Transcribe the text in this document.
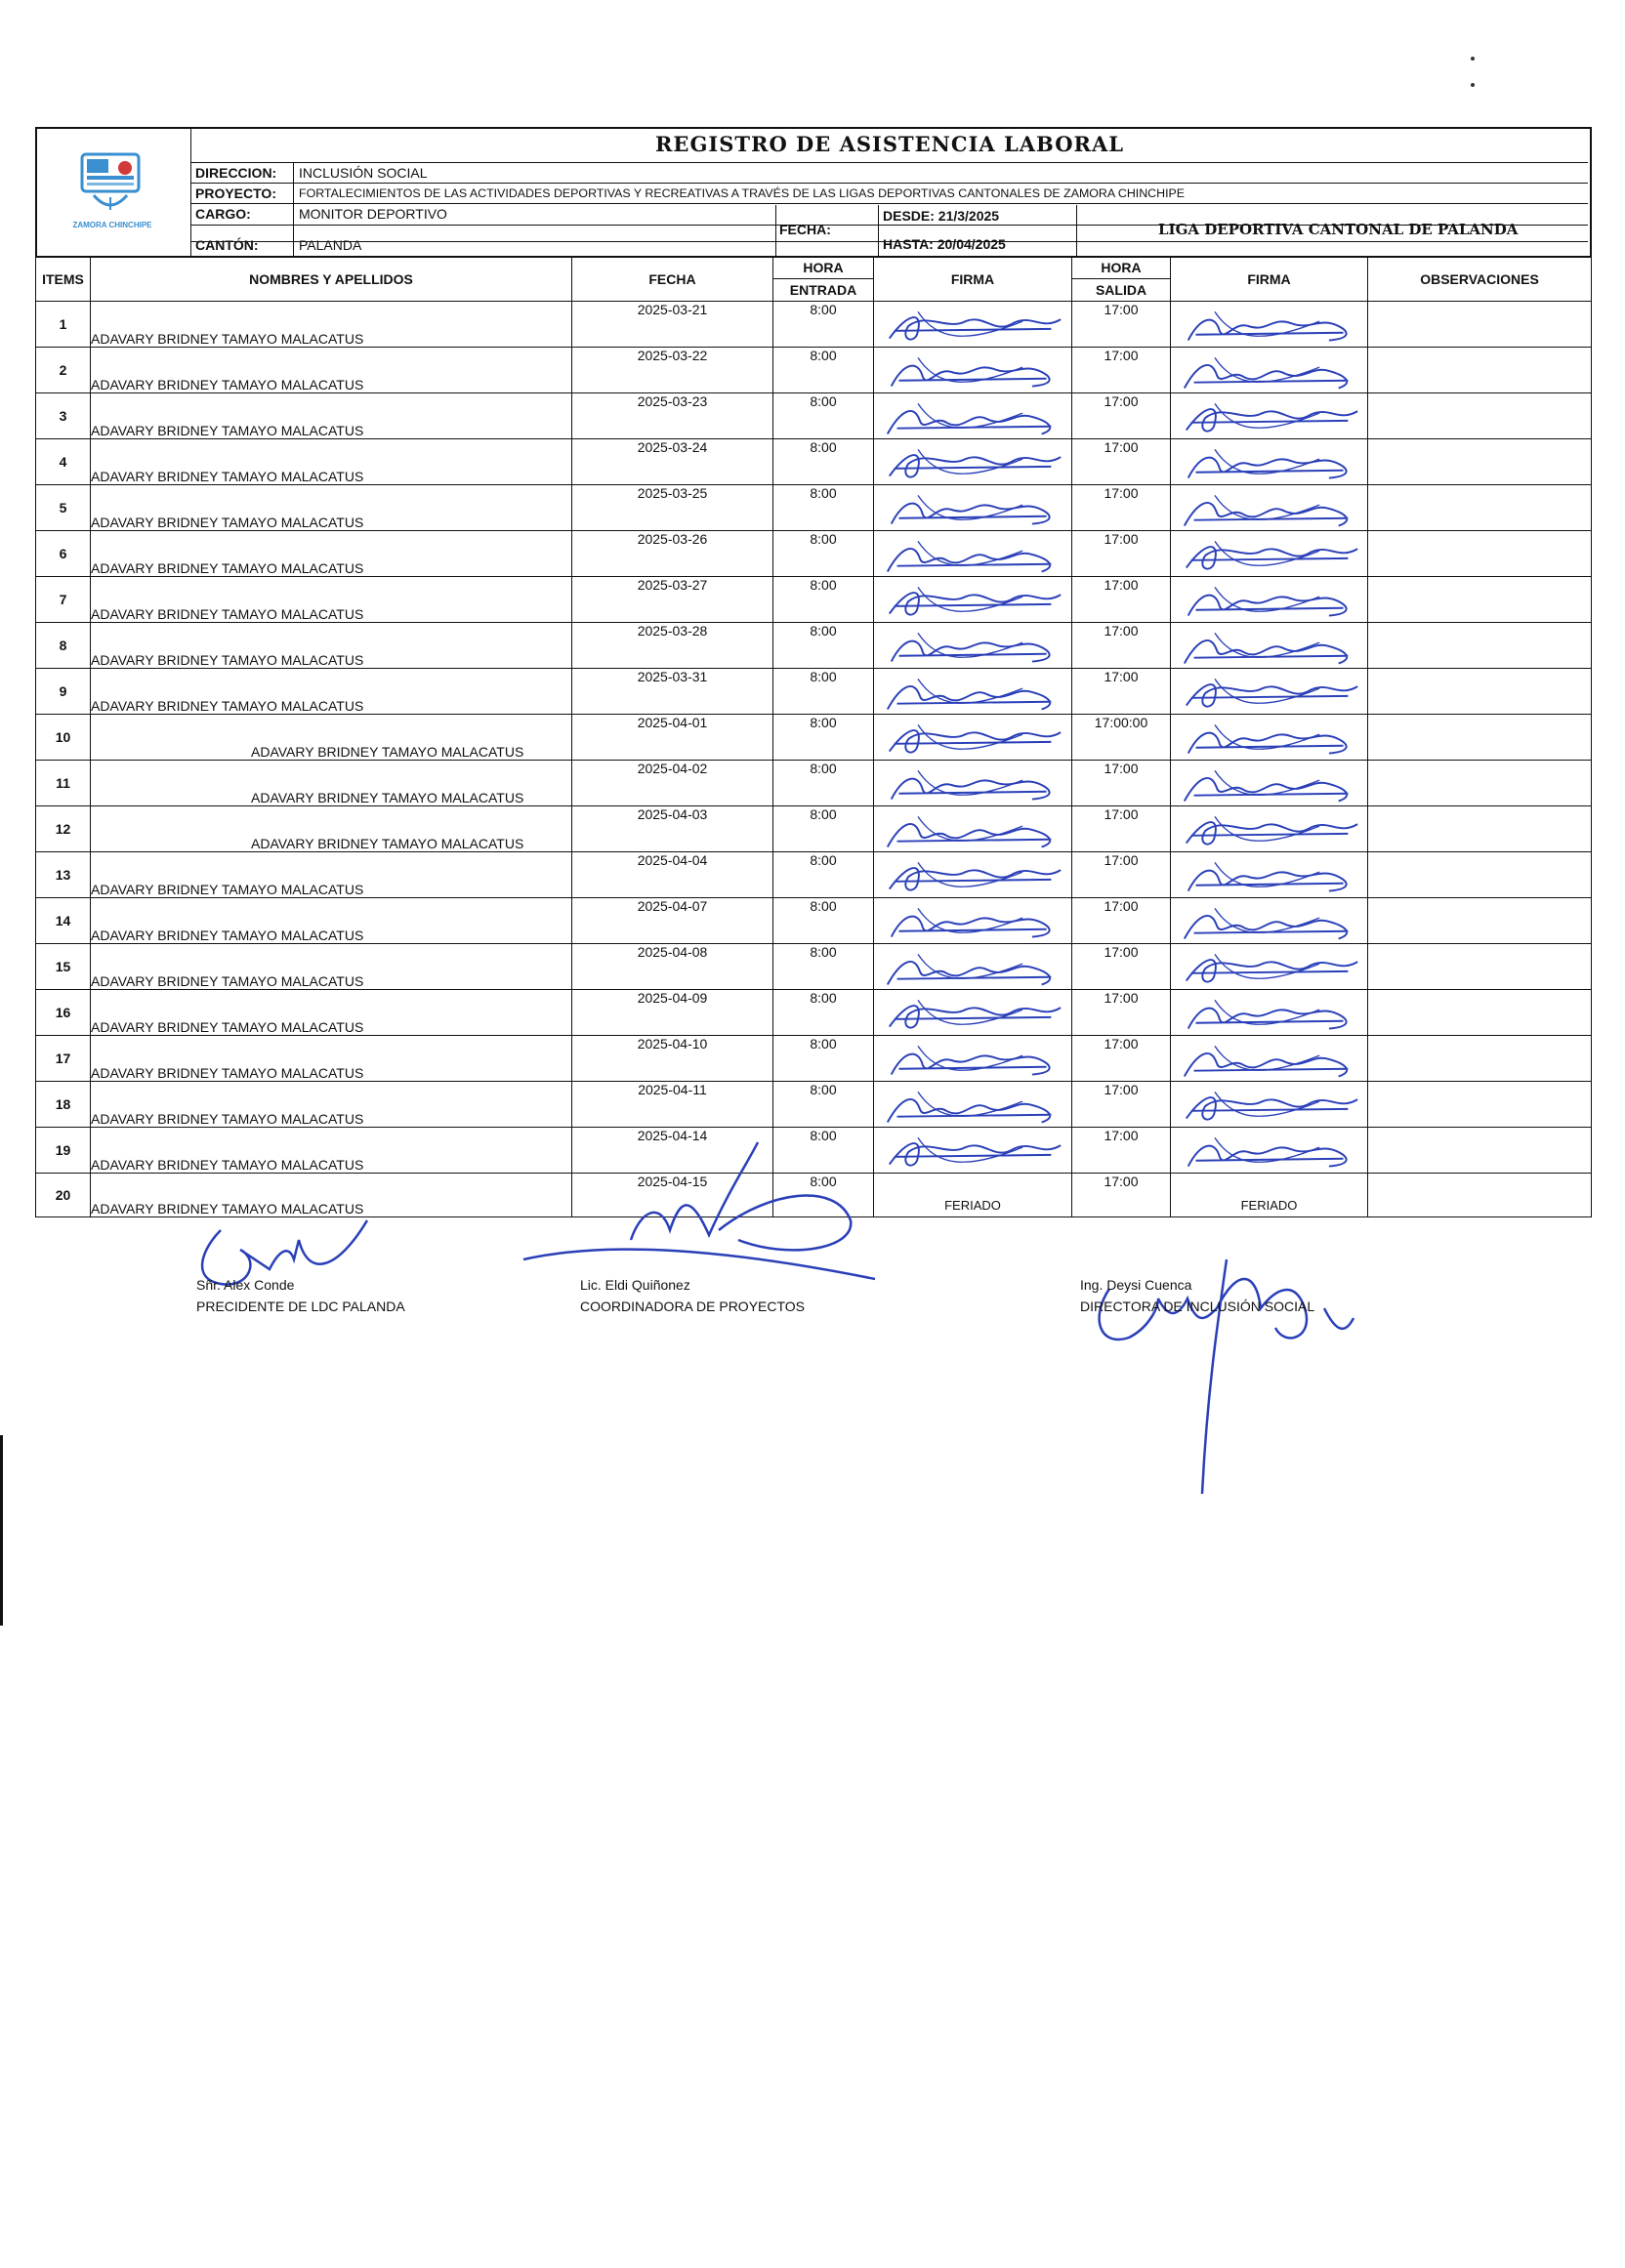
ZAMORA CHINCHIPE
REGISTRO DE ASISTENCIA LABORAL
DIRECCION: INCLUSIÓN SOCIAL
PROYECTO: FORTALECIMIENTOS DE LAS ACTIVIDADES DEPORTIVAS Y RECREATIVAS A TRAVÉS DE LAS LIGAS DEPORTIVAS CANTONALES DE ZAMORA CHINCHIPE
CARGO:	MONITOR DEPORTIVO
CANTÓN:	PALANDA
FECHA:
DESDE: 21/3/2025
HASTA: 20/04/2025
LIGA DEPORTIVA CANTONAL DE PALANDA
ITEMS	NOMBRES Y APELLIDOS	FECHA	HORA	FIRMA	HORA	FIRMA	OBSERVACIONES
			ENTRADA		SALIDA		
1	ADAVARY BRIDNEY TAMAYO MALACATUS	2025-03-21	8:00		17:00	

2	ADAVARY BRIDNEY TAMAYO MALACATUS	2025-03-22	8:00		17:00	

3	ADAVARY BRIDNEY TAMAYO MALACATUS	2025-03-23	8:00		17:00	

4	ADAVARY BRIDNEY TAMAYO MALACATUS	2025-03-24	8:00		17:00	

5	ADAVARY BRIDNEY TAMAYO MALACATUS	2025-03-25	8:00		17:00	

6	ADAVARY BRIDNEY TAMAYO MALACATUS	2025-03-26	8:00		17:00	

7	ADAVARY BRIDNEY TAMAYO MALACATUS	2025-03-27	8:00		17:00	

8	ADAVARY BRIDNEY TAMAYO MALACATUS	2025-03-28	8:00		17:00	

9	ADAVARY BRIDNEY TAMAYO MALACATUS	2025-03-31	8:00		17:00	

10	ADAVARY BRIDNEY TAMAYO MALACATUS	2025-04-01	8:00		17:00:00	

11	ADAVARY BRIDNEY TAMAYO MALACATUS	2025-04-02	8:00		17:00	

12	ADAVARY BRIDNEY TAMAYO MALACATUS	2025-04-03	8:00		17:00	

13	ADAVARY BRIDNEY TAMAYO MALACATUS	2025-04-04	8:00		17:00	

14	ADAVARY BRIDNEY TAMAYO MALACATUS	2025-04-07	8:00		17:00	

15	ADAVARY BRIDNEY TAMAYO MALACATUS	2025-04-08	8:00		17:00	

16	ADAVARY BRIDNEY TAMAYO MALACATUS	2025-04-09	8:00		17:00	

17	ADAVARY BRIDNEY TAMAYO MALACATUS	2025-04-10	8:00		17:00	

18	ADAVARY BRIDNEY TAMAYO MALACATUS	2025-04-11	8:00		17:00	

19	ADAVARY BRIDNEY TAMAYO MALACATUS	2025-04-14	8:00		17:00	

20	ADAVARY BRIDNEY TAMAYO MALACATUS	2025-04-15	8:00	FERIADO	17:00	FERIADO	

Sñr. Alex Conde
PRECIDENTE DE LDC PALANDA
Lic. Eldi Quiñonez
COORDINADORA DE PROYECTOS
Ing. Deysi Cuenca
DIRECTORA DE INCLUSIÓN SOCIAL
